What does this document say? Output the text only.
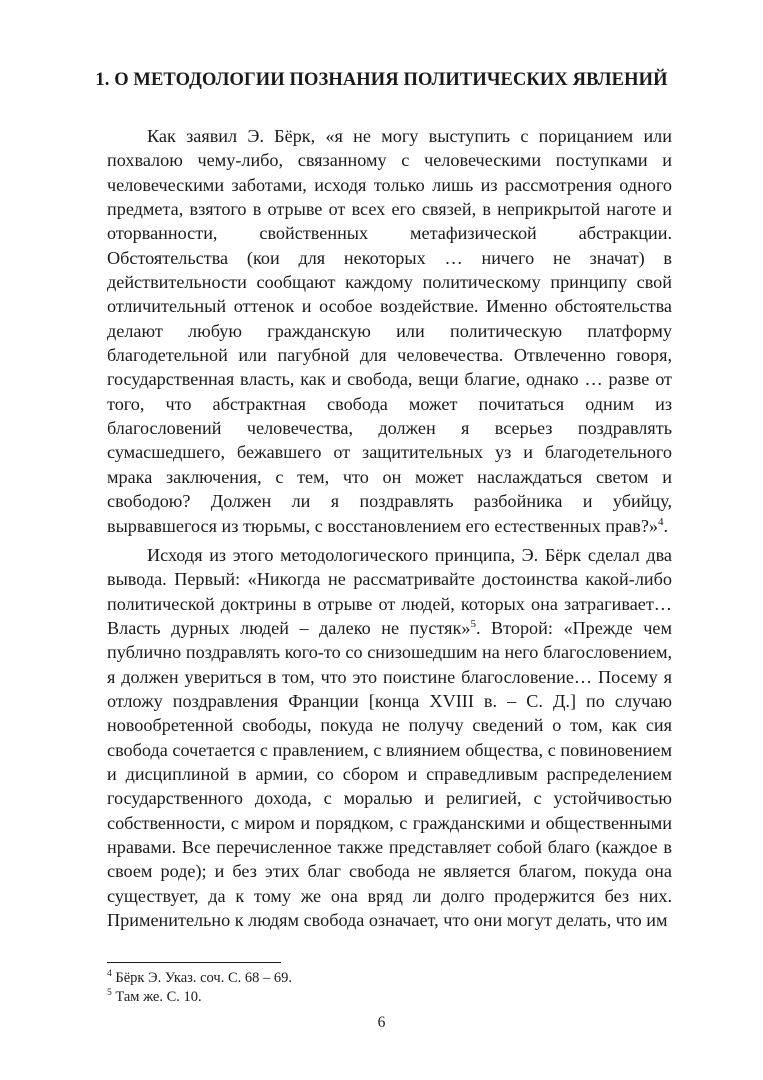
1. О МЕТОДОЛОГИИ ПОЗНАНИЯ ПОЛИТИЧЕСКИХ ЯВЛЕНИЙ

Как заявил Э. Бёрк, «я не могу выступить с порицанием или похвалою чему-либо, связанному с человеческими поступками и человеческими заботами, исходя только лишь из рассмотрения одного предмета, взятого в отрыве от всех его связей, в неприкрытой наготе и оторванности, свойственных метафизической абстракции. Обстоятельства (кои для некоторых … ничего не значат) в действительности сообщают каждому политическому принципу свой отличительный оттенок и особое воздействие. Именно обстоятельства делают любую гражданскую или политическую платформу благодетельной или пагубной для человечества. Отвлеченно говоря, государственная власть, как и свобода, вещи благие, однако … разве от того, что абстрактная свобода может почитаться одним из благословений человечества, должен я всерьез поздравлять сумасшедшего, бежавшего от защитительных уз и благодетельного мрака заключения, с тем, что он может наслаждаться светом и свободою? Должен ли я поздравлять разбойника и убийцу, вырвавшегося из тюрьмы, с восстановлением его естественных прав?»$^4$.

Исходя из этого методологического принципа, Э. Бёрк сделал два вывода. Первый: «Никогда не рассматривайте достоинства какой-либо политической доктрины в отрыве от людей, которых она затрагивает… Власть дурных людей – далеко не пустяк»$^5$. Второй: «Прежде чем публично поздравлять кого-то со снизошедшим на него благословением, я должен увериться в том, что это поистине благословение… Посему я отложу поздравления Франции [конца XVIII в. – С. Д.] по случаю новообретенной свободы, покуда не получу сведений о том, как сия свобода сочетается с правлением, с влиянием общества, с повиновением и дисциплиной в армии, со сбором и справедливым распределением государственного дохода, с моралью и религией, с устойчивостью собственности, с миром и порядком, с гражданскими и общественными нравами. Все перечисленное также представляет собой благо (каждое в своем роде); и без этих благ свобода не является благом, покуда она существует, да к тому же она вряд ли долго продержится без них. Применительно к людям свобода означает, что они могут делать, что им

$^4$ Бёрк Э. Указ. соч. С. 68 – 69.
$^5$ Там же. С. 10.
6
